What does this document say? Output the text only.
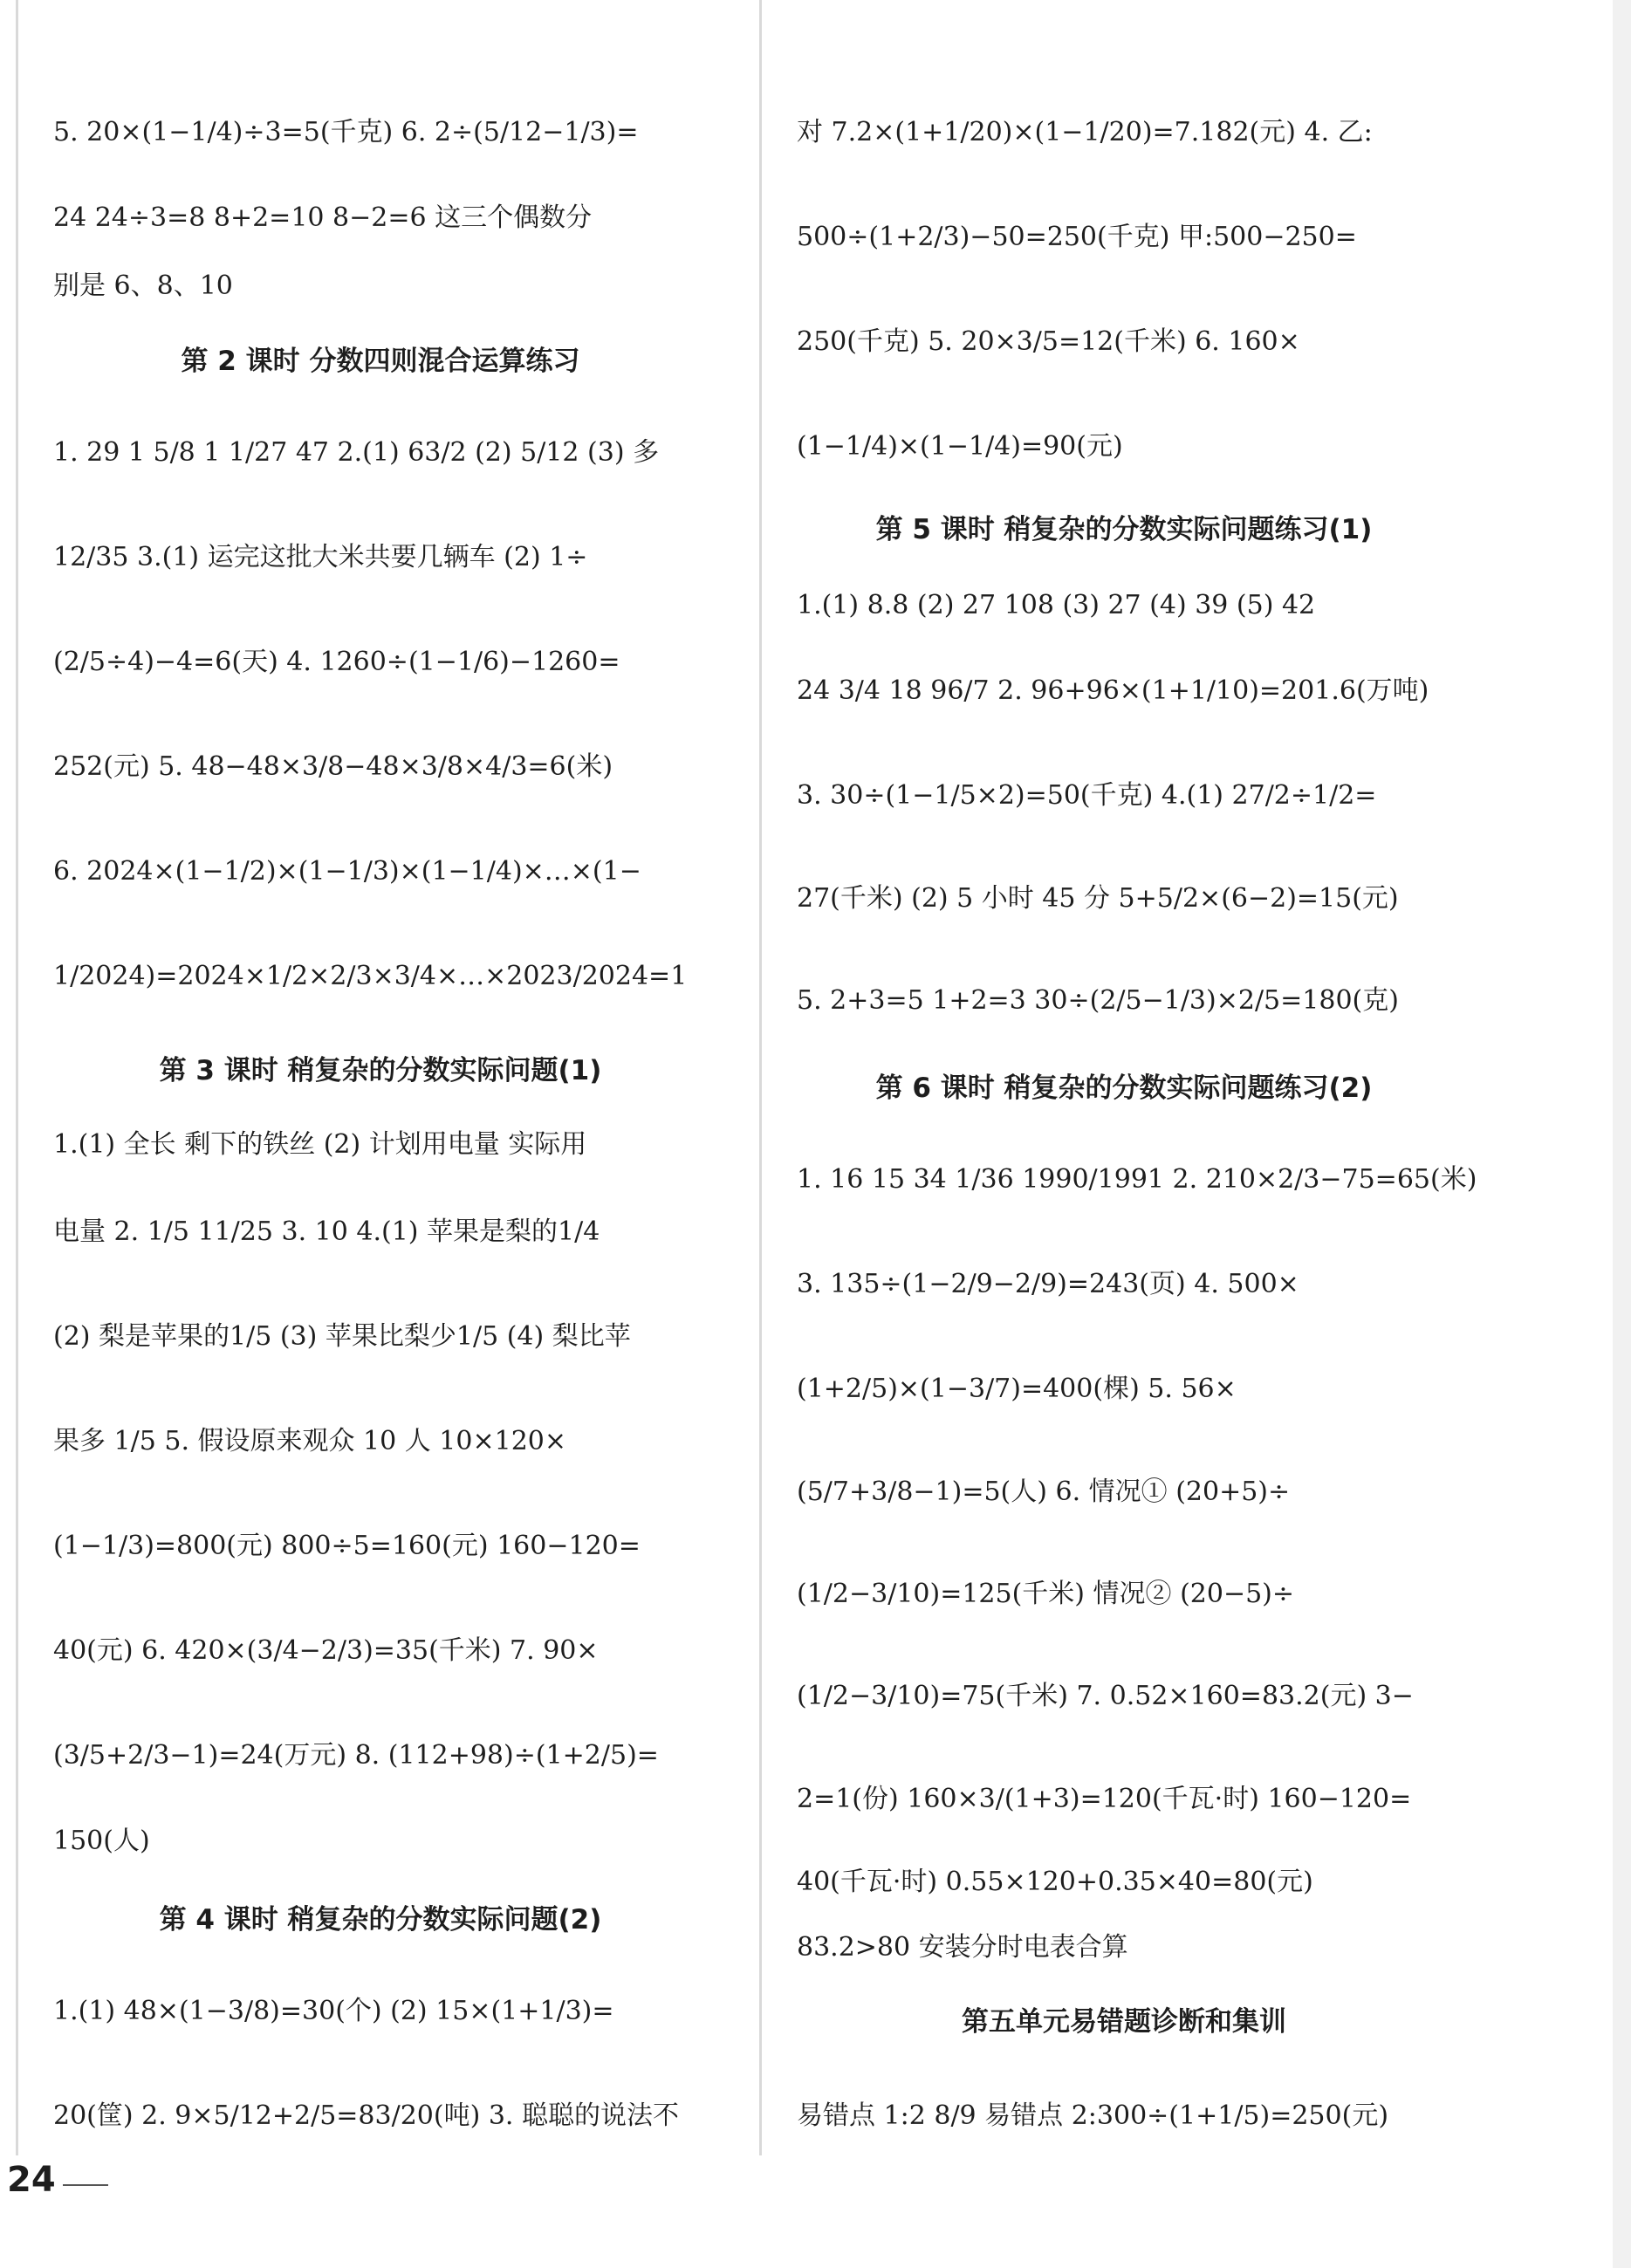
5. 20×(1−1/4)÷3=5(千克) 6. 2÷(5/12−1/3)=
24 24÷3=8 8+2=10 8−2=6 这三个偶数分
别是 6、8、10
第 2 课时 分数四则混合运算练习
1. 29 1 5/8 1 1/27 47 2.(1) 63/2 (2) 5/12 (3) 多
12/35 3.(1) 运完这批大米共要几辆车 (2) 1÷
(2/5÷4)−4=6(天) 4. 1260÷(1−1/6)−1260=
252(元) 5. 48−48×3/8−48×3/8×4/3=6(米)
6. 2024×(1−1/2)×(1−1/3)×(1−1/4)×…×(1−
1/2024)=2024×1/2×2/3×3/4×…×2023/2024=1
第 3 课时 稍复杂的分数实际问题(1)
1.(1) 全长 剩下的铁丝 (2) 计划用电量 实际用
电量 2. 1/5 11/25 3. 10 4.(1) 苹果是梨的1/4
(2) 梨是苹果的1/5 (3) 苹果比梨少1/5 (4) 梨比苹
果多 1/5 5. 假设原来观众 10 人 10×120×
(1−1/3)=800(元) 800÷5=160(元) 160−120=
40(元) 6. 420×(3/4−2/3)=35(千米) 7. 90×
(3/5+2/3−1)=24(万元) 8. (112+98)÷(1+2/5)=
150(人)
第 4 课时 稍复杂的分数实际问题(2)
1.(1) 48×(1−3/8)=30(个) (2) 15×(1+1/3)=
20(筐) 2. 9×5/12+2/5=83/20(吨) 3. 聪聪的说法不
对 7.2×(1+1/20)×(1−1/20)=7.182(元) 4. 乙:
500÷(1+2/3)−50=250(千克) 甲:500−250=
250(千克) 5. 20×3/5=12(千米) 6. 160×
(1−1/4)×(1−1/4)=90(元)
第 5 课时 稍复杂的分数实际问题练习(1)
1.(1) 8.8 (2) 27 108 (3) 27 (4) 39 (5) 42
24 3/4 18 96/7 2. 96+96×(1+1/10)=201.6(万吨)
3. 30÷(1−1/5×2)=50(千克) 4.(1) 27/2÷1/2=
27(千米) (2) 5 小时 45 分 5+5/2×(6−2)=15(元)
5. 2+3=5 1+2=3 30÷(2/5−1/3)×2/5=180(克)
第 6 课时 稍复杂的分数实际问题练习(2)
1. 16 15 34 1/36 1990/1991 2. 210×2/3−75=65(米)
3. 135÷(1−2/9−2/9)=243(页) 4. 500×
(1+2/5)×(1−3/7)=400(棵) 5. 56×
(5/7+3/8−1)=5(人) 6. 情况① (20+5)÷
(1/2−3/10)=125(千米) 情况② (20−5)÷
(1/2−3/10)=75(千米) 7. 0.52×160=83.2(元) 3−
2=1(份) 160×3/(1+3)=120(千瓦·时) 160−120=
40(千瓦·时) 0.55×120+0.35×40=80(元)
83.2>80 安装分时电表合算
第五单元易错题诊断和集训
易错点 1:2 8/9 易错点 2:300÷(1+1/5)=250(元)
24
